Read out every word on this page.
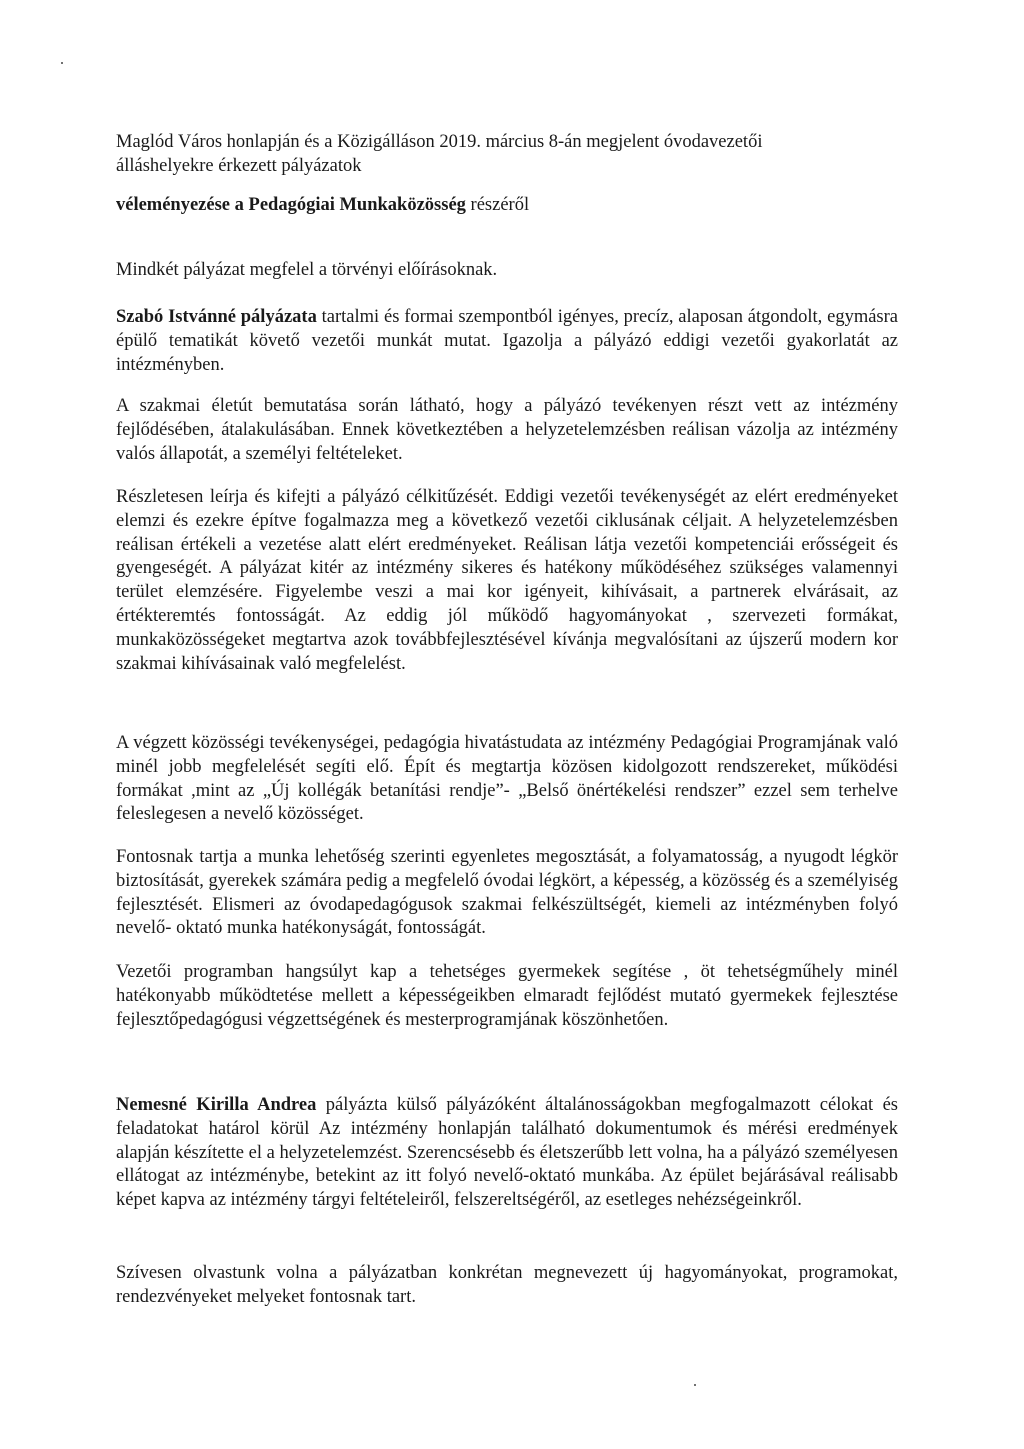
Maglód Város honlapján és a Közigálláson 2019. március 8-án megjelent óvodavezetői
álláshelyekre érkezett pályázatok
véleményezése a Pedagógiai Munkaközösség részéről

Mindkét pályázat megfelel a törvényi előírásoknak.

Szabó Istvánné pályázata tartalmi és formai szempontból igényes, precíz, alaposan átgondolt, egymásra épülő tematikát követő vezetői munkát mutat. Igazolja a pályázó eddigi vezetői gyakorlatát az intézményben.

A szakmai életút bemutatása során látható, hogy a pályázó tevékenyen részt vett az intézmény fejlődésében, átalakulásában. Ennek következtében a helyzetelemzésben reálisan vázolja az intézmény valós állapotát, a személyi feltételeket.

Részletesen leírja és kifejti a pályázó célkitűzését. Eddigi vezetői tevékenységét az elért eredményeket elemzi és ezekre építve fogalmazza meg a következő vezetői ciklusának céljait. A helyzetelemzésben reálisan értékeli a vezetése alatt elért eredményeket. Reálisan látja vezetői kompetenciái erősségeit és gyengeségét. A pályázat kitér az intézmény sikeres és hatékony működéséhez szükséges valamennyi terület elemzésére. Figyelembe veszi a mai kor igényeit, kihívásait, a partnerek elvárásait, az értékteremtés fontosságát. Az eddig jól működő hagyományokat , szervezeti formákat, munkaközösségeket megtartva azok továbbfejlesztésével kívánja megvalósítani az újszerű modern kor szakmai kihívásainak való megfelelést.

A végzett közösségi tevékenységei, pedagógia hivatástudata az intézmény Pedagógiai Programjának való minél jobb megfelelését segíti elő. Épít és megtartja közösen kidolgozott rendszereket, működési formákat ,mint az „Új kollégák betanítási rendje”- „Belső önértékelési rendszer” ezzel sem terhelve feleslegesen a nevelő közösséget.

Fontosnak tartja a munka lehetőség szerinti egyenletes megosztását, a folyamatosság, a nyugodt légkör biztosítását, gyerekek számára pedig a megfelelő óvodai légkört, a képesség, a közösség és a személyiség fejlesztését. Elismeri az óvodapedagógusok szakmai felkészültségét, kiemeli az intézményben folyó nevelő- oktató munka hatékonyságát, fontosságát.

Vezetői programban hangsúlyt kap a tehetséges gyermekek segítése , öt tehetségműhely minél hatékonyabb működtetése mellett a képességeikben elmaradt fejlődést mutató gyermekek fejlesztése fejlesztőpedagógusi végzettségének és mesterprogramjának köszönhetően.

Nemesné Kirilla Andrea pályázta külső pályázóként általánosságokban megfogalmazott célokat és feladatokat határol körül Az intézmény honlapján található dokumentumok és mérési eredmények alapján készítette el a helyzetelemzést. Szerencsésebb és életszerűbb lett volna, ha a pályázó személyesen ellátogat az intézménybe, betekint az itt folyó nevelő-oktató munkába. Az épület bejárásával reálisabb képet kapva az intézmény tárgyi feltételeiről, felszereltségéről, az esetleges nehézségeinkről.

Szívesen olvastunk volna a pályázatban konkrétan megnevezett új hagyományokat, programokat, rendezvényeket melyeket fontosnak tart.
